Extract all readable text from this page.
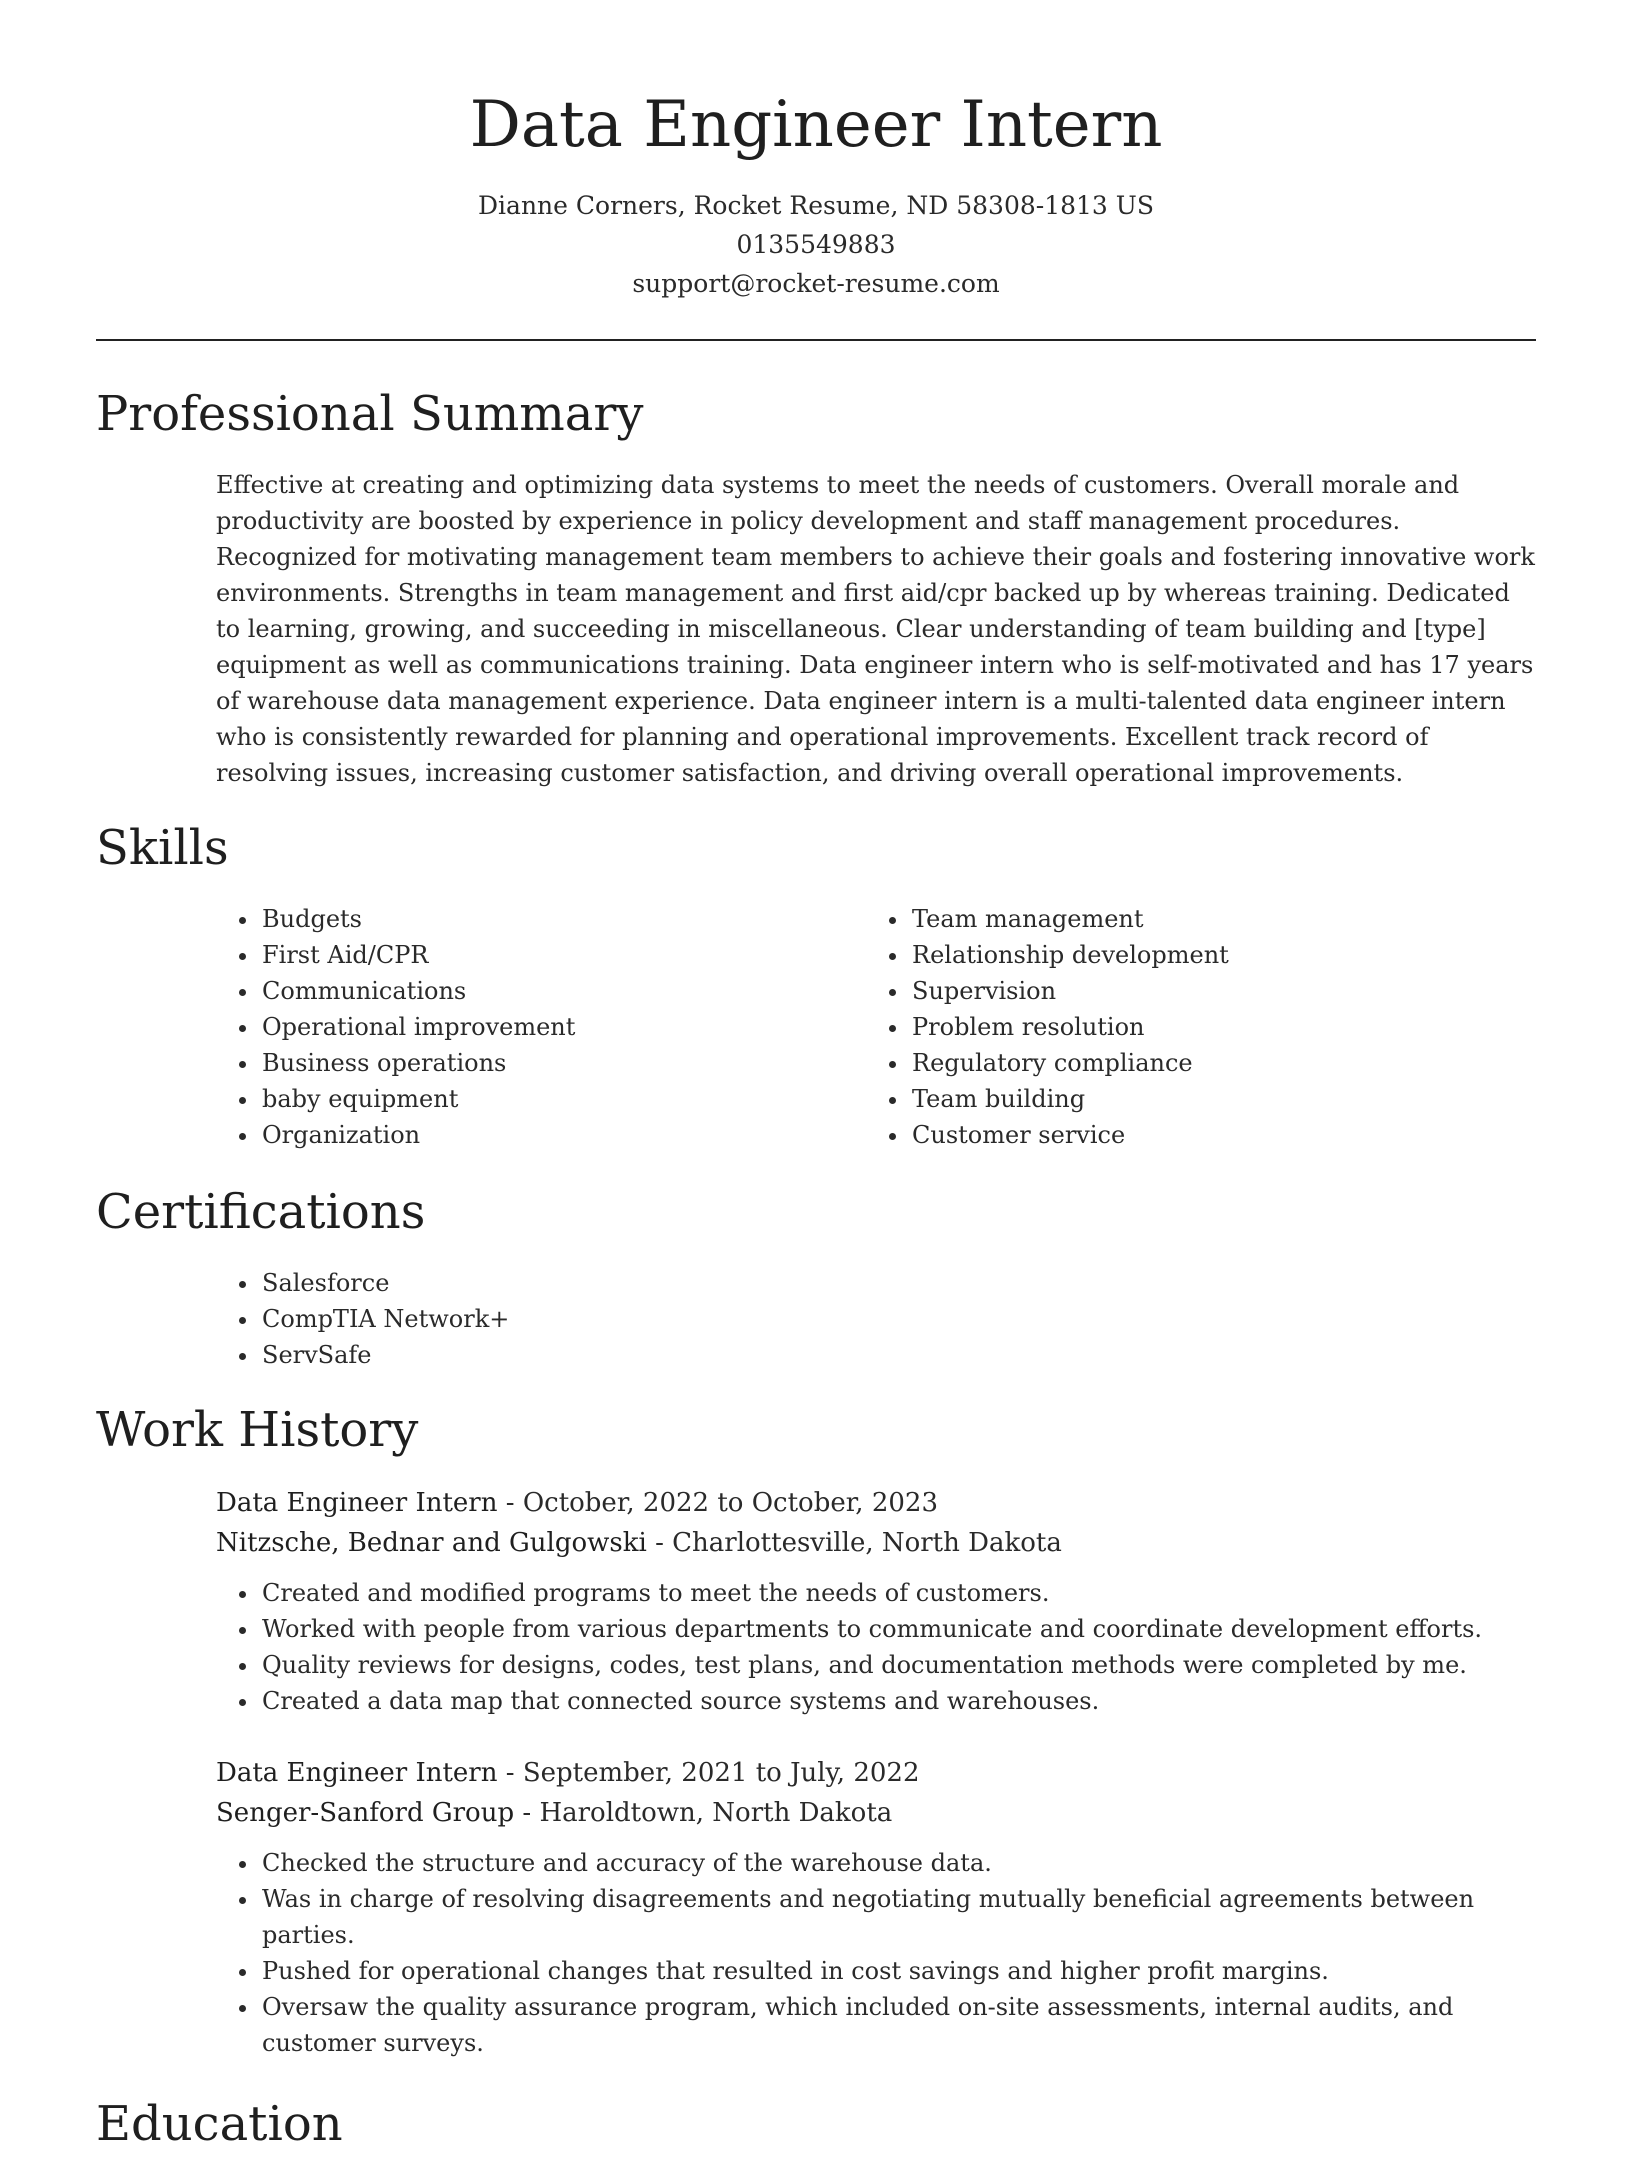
Data Engineer Intern
Dianne Corners, Rocket Resume, ND 58308-1813 US
0135549883
support@rocket-resume.com
Professional Summary

Effective at creating and optimizing data systems to meet the needs of customers. Overall morale and productivity are boosted by experience in policy development and staff management procedures. Recognized for motivating management team members to achieve their goals and fostering innovative work environments. Strengths in team management and first aid/cpr backed up by whereas training. Dedicated to learning, growing, and succeeding in miscellaneous. Clear understanding of team building and [type] equipment as well as communications training. Data engineer intern who is self-motivated and has 17 years of warehouse data management experience. Data engineer intern is a multi-talented data engineer intern who is consistently rewarded for planning and operational improvements. Excellent track record of resolving issues, increasing customer satisfaction, and driving overall operational improvements.

Skills
• Budgets
• First Aid/CPR
• Communications
• Operational improvement
• Business operations
• baby equipment
• Organization
• Team management
• Relationship development
• Supervision
• Problem resolution
• Regulatory compliance
• Team building
• Customer service
Certifications
• Salesforce
• CompTIA Network+
• ServSafe
Work History
Data Engineer Intern - October, 2022 to October, 2023
Nitzsche, Bednar and Gulgowski - Charlottesville, North Dakota
• Created and modified programs to meet the needs of customers.
• Worked with people from various departments to communicate and coordinate development efforts.
• Quality reviews for designs, codes, test plans, and documentation methods were completed by me.
• Created a data map that connected source systems and warehouses.
Data Engineer Intern - September, 2021 to July, 2022
Senger-Sanford Group - Haroldtown, North Dakota
• Checked the structure and accuracy of the warehouse data.
• Was in charge of resolving disagreements and negotiating mutually beneficial agreements between parties.
• Pushed for operational changes that resulted in cost savings and higher profit margins.
• Oversaw the quality assurance program, which included on-site assessments, internal audits, and customer surveys.
Education
